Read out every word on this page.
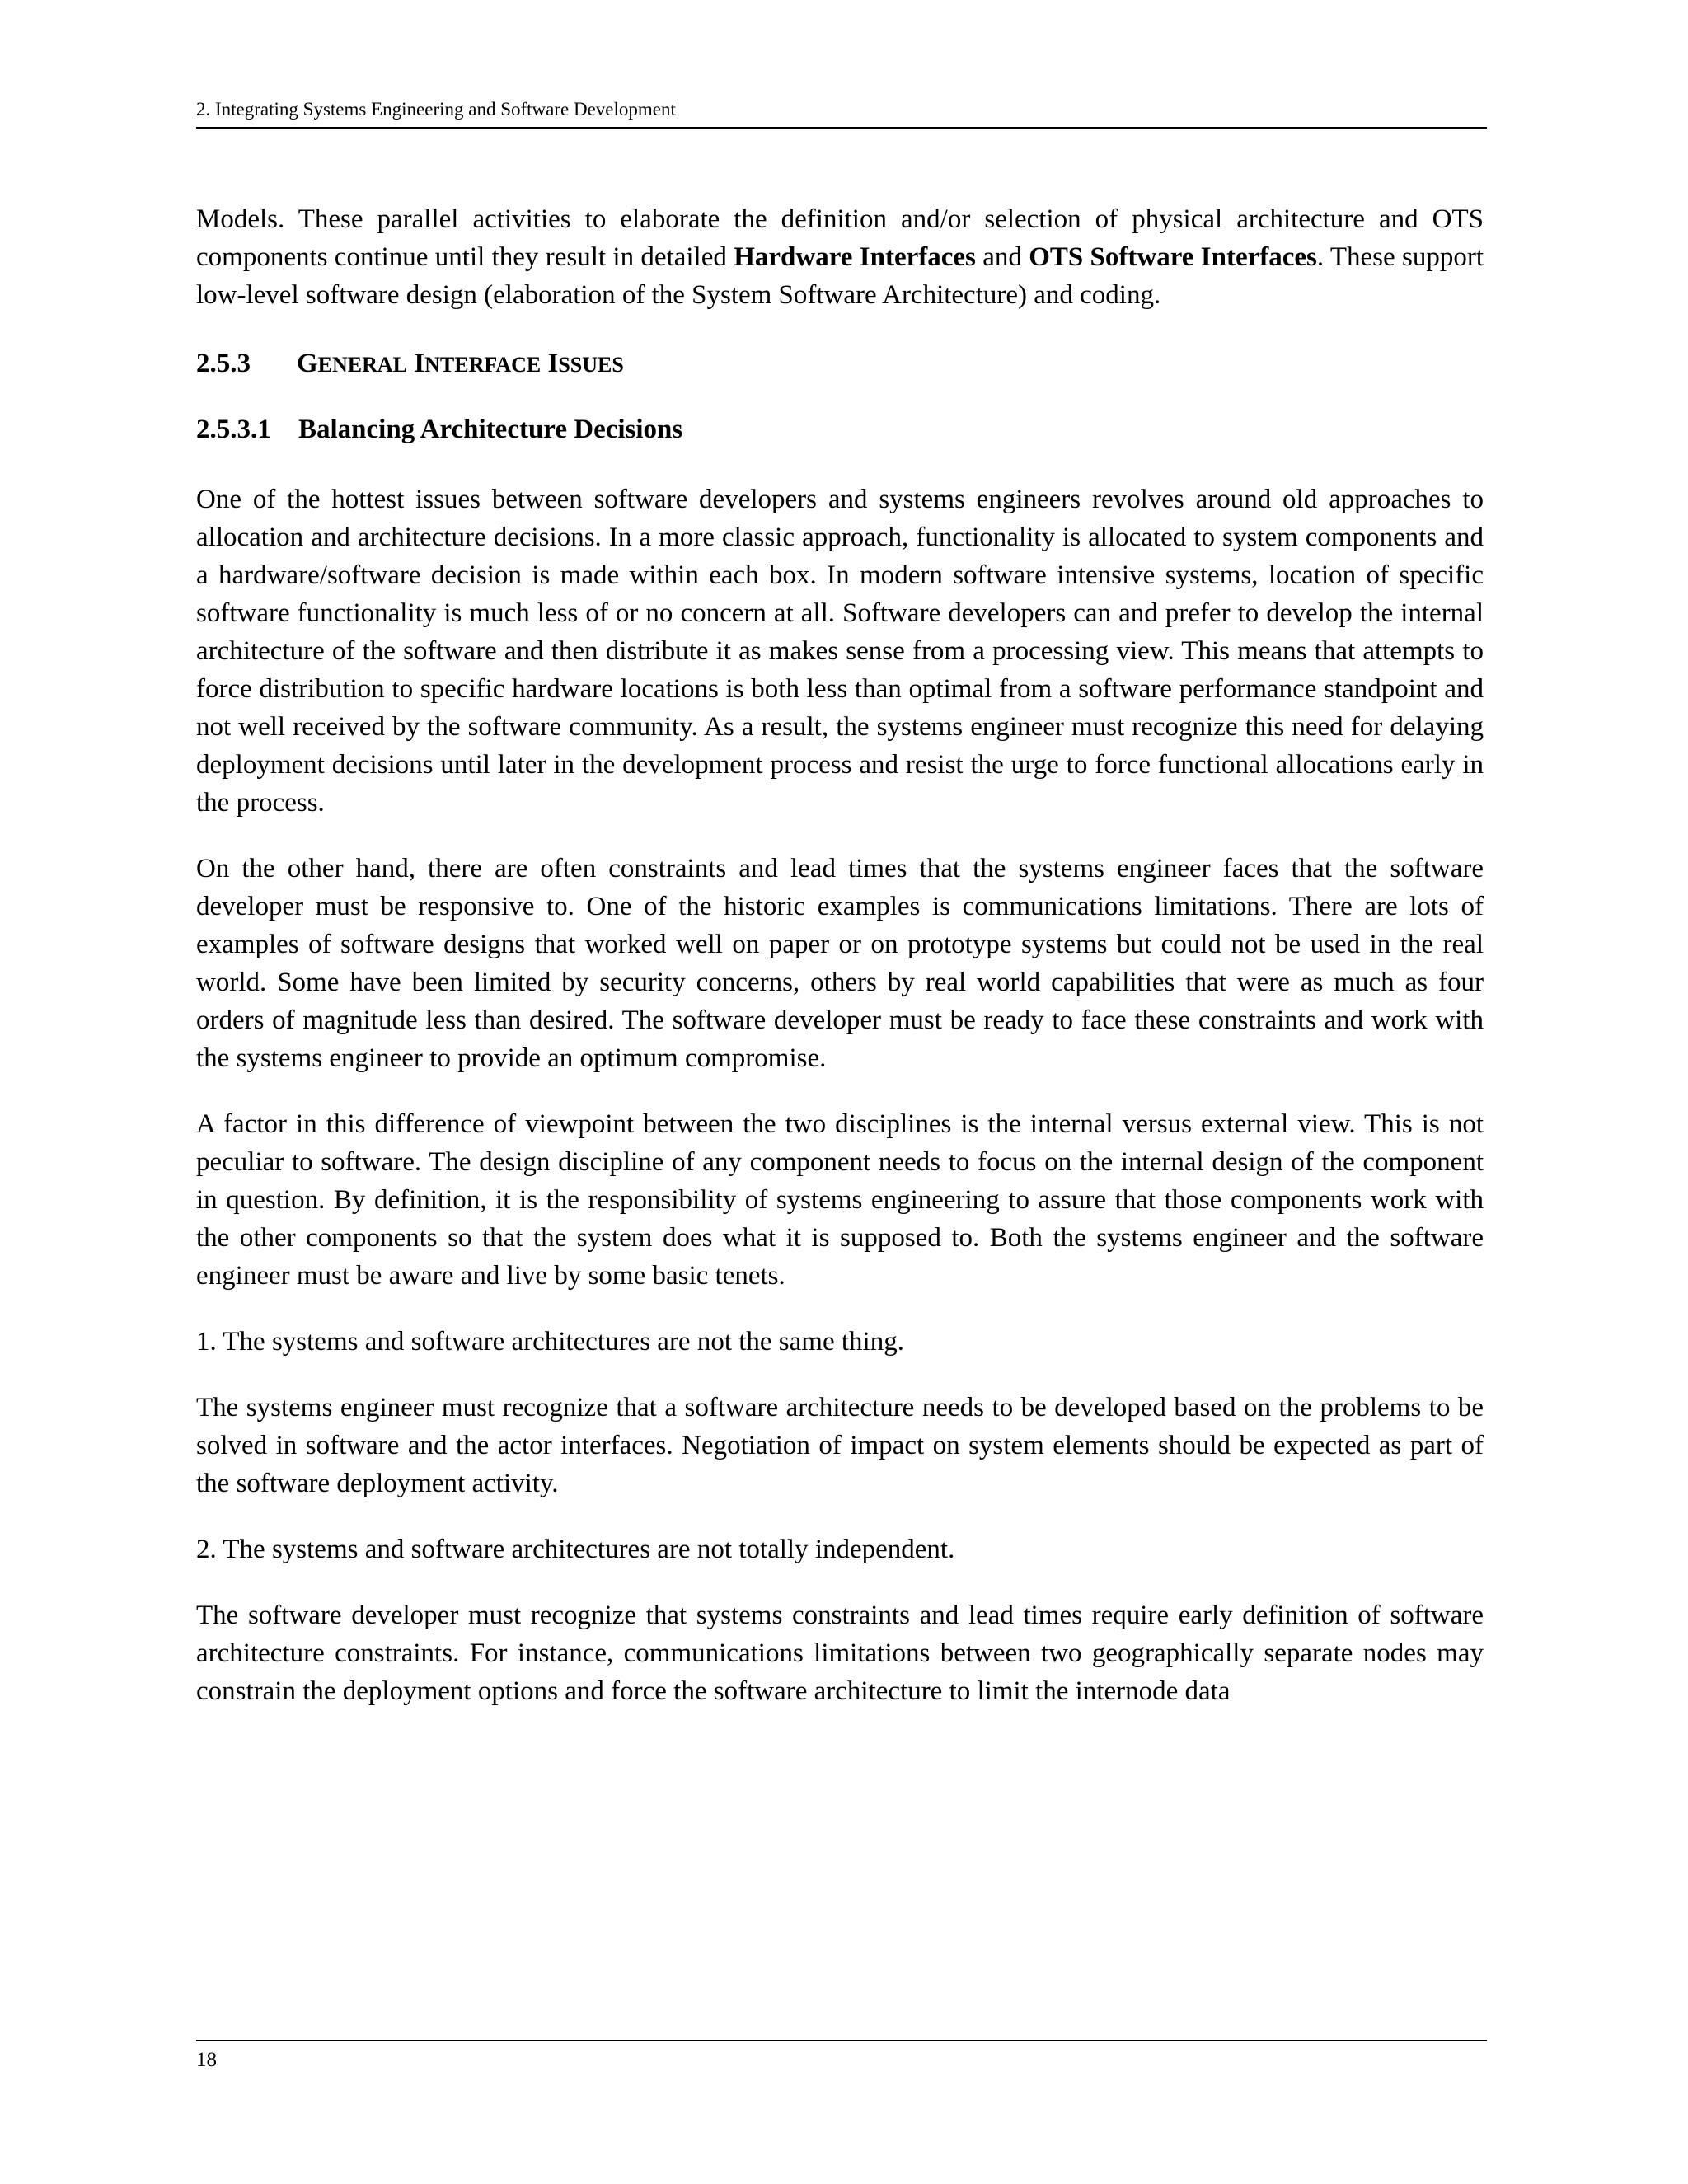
2. Integrating Systems Engineering and Software Development

Models. These parallel activities to elaborate the definition and/or selection of physical architecture and OTS components continue until they result in detailed Hardware Interfaces and OTS Software Interfaces. These support low-level software design (elaboration of the System Software Architecture) and coding.

2.5.3 GENERAL INTERFACE ISSUES
2.5.3.1 Balancing Architecture Decisions

One of the hottest issues between software developers and systems engineers revolves around old approaches to allocation and architecture decisions. In a more classic approach, functionality is allocated to system components and a hardware/software decision is made within each box. In modern software intensive systems, location of specific software functionality is much less of or no concern at all. Software developers can and prefer to develop the internal architecture of the software and then distribute it as makes sense from a processing view. This means that attempts to force distribution to specific hardware locations is both less than optimal from a software performance standpoint and not well received by the software community. As a result, the systems engineer must recognize this need for delaying deployment decisions until later in the development process and resist the urge to force functional allocations early in the process.

On the other hand, there are often constraints and lead times that the systems engineer faces that the software developer must be responsive to. One of the historic examples is communications limitations. There are lots of examples of software designs that worked well on paper or on prototype systems but could not be used in the real world. Some have been limited by security concerns, others by real world capabilities that were as much as four orders of magnitude less than desired. The software developer must be ready to face these constraints and work with the systems engineer to provide an optimum compromise.

A factor in this difference of viewpoint between the two disciplines is the internal versus external view. This is not peculiar to software. The design discipline of any component needs to focus on the internal design of the component in question. By definition, it is the responsibility of systems engineering to assure that those components work with the other components so that the system does what it is supposed to. Both the systems engineer and the software engineer must be aware and live by some basic tenets.

1. The systems and software architectures are not the same thing.

The systems engineer must recognize that a software architecture needs to be developed based on the problems to be solved in software and the actor interfaces. Negotiation of impact on system elements should be expected as part of the software deployment activity.

2. The systems and software architectures are not totally independent.

The software developer must recognize that systems constraints and lead times require early definition of software architecture constraints. For instance, communications limitations between two geographically separate nodes may constrain the deployment options and force the software architecture to limit the internode data

18
